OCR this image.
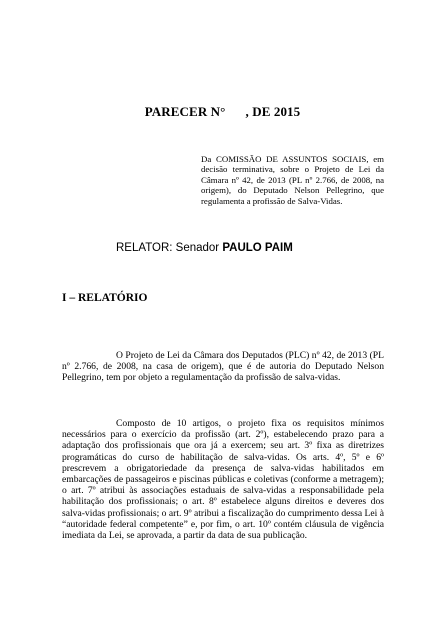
PARECER N°      , DE 2015
Da COMISSÃO DE ASSUNTOS SOCIAIS, em decisão terminativa, sobre o Projeto de Lei da Câmara nº 42, de 2013 (PL nº 2.766, de 2008, na origem), do Deputado Nelson Pellegrino, que regulamenta a profissão de Salva-Vidas.
RELATOR: Senador PAULO PAIM
I – RELATÓRIO
O Projeto de Lei da Câmara dos Deputados (PLC) nº 42, de 2013 (PL nº 2.766, de 2008, na casa de origem), que é de autoria do Deputado Nelson Pellegrino, tem por objeto a regulamentação da profissão de salva-vidas.
Composto de 10 artigos, o projeto fixa os requisitos mínimos necessários para o exercício da profissão (art. 2º), estabelecendo prazo para a adaptação dos profissionais que ora já a exercem; seu art. 3º fixa as diretrizes programáticas do curso de habilitação de salva-vidas. Os arts. 4º, 5º e 6º prescrevem a obrigatoriedade da presença de salva-vidas habilitados em embarcações de passageiros e piscinas públicas e coletivas (conforme a metragem); o art. 7º atribui às associações estaduais de salva-vidas a responsabilidade pela habilitação dos profissionais; o art. 8º estabelece alguns direitos e deveres dos salva-vidas profissionais; o art. 9º atribui a fiscalização do cumprimento dessa Lei à “autoridade federal competente” e, por fim, o art. 10º contém cláusula de vigência imediata da Lei, se aprovada, a partir da data de sua publicação.
